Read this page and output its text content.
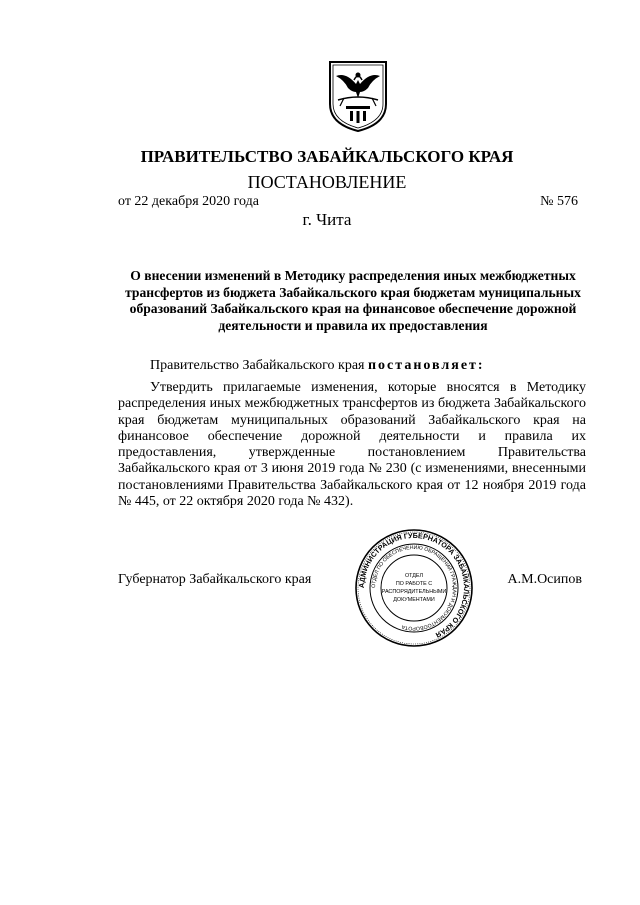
ПРАВИТЕЛЬСТВО ЗАБАЙКАЛЬСКОГО КРАЯ
ПОСТАНОВЛЕНИЕ
от 22 декабря 2020 года	№ 576
г. Чита
О внесении изменений в Методику распределения иных межбюджетных трансфертов из бюджета Забайкальского края бюджетам муниципальных образований Забайкальского края на финансовое обеспечение дорожной деятельности и правила их предоставления
Правительство Забайкальского края постановляет:
Утвердить прилагаемые изменения, которые вносятся в Методику распределения иных межбюджетных трансфертов из бюджета Забайкальского края бюджетам муниципальных образований Забайкальского края на финансовое обеспечение дорожной деятельности и правила их предоставления, утвержденные постановлением Правительства Забайкальского края от 3 июня 2019 года № 230 (с изменениями, внесенными постановлениями Правительства Забайкальского края от 12 ноября 2019 года № 445, от 22 октября 2020 года № 432).
Губернатор Забайкальского края	А.М.Осипов
АДМИНИСТРАЦИЯ ГУБЕРНАТОРА ЗАБАЙКАЛЬСКОГО КРАЯ
ОТДЕЛ ПО ОБЕСПЕЧЕНИЮ ОБРАЩЕНИЙ ГРАЖДАН И ДОКУМЕНТООБОРОТА
ОТДЕЛ
ПО РАБОТЕ С
РАСПОРЯДИТЕЛЬНЫМИ
ДОКУМЕНТАМИ
